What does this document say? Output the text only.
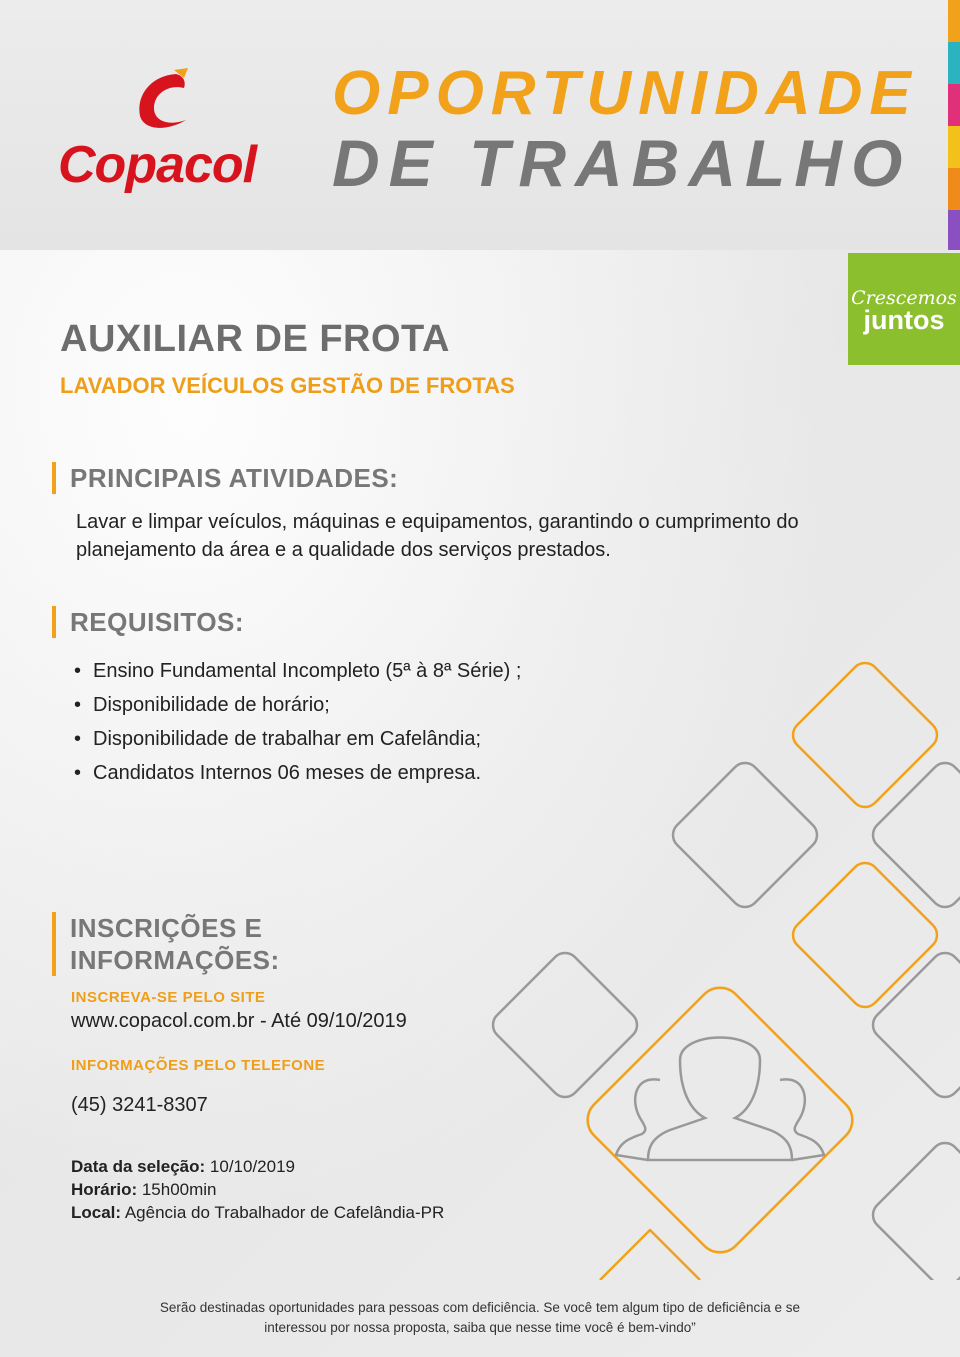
Copacol
OPORTUNIDADE
DE TRABALHO
Crescemos
juntos
AUXILIAR DE FROTA
LAVADOR VEÍCULOS GESTÃO DE FROTAS
PRINCIPAIS ATIVIDADES:
Lavar e limpar veículos, máquinas e equipamentos, garantindo o cumprimento do planejamento da área e a qualidade dos serviços prestados.
REQUISITOS:
• Ensino Fundamental Incompleto (5ª à 8ª Série) ;
• Disponibilidade de horário;
• Disponibilidade de trabalhar em Cafelândia;
• Candidatos Internos 06 meses de empresa.
INSCRIÇÕES E
INFORMAÇÕES:
INSCREVA-SE PELO SITE
www.copacol.com.br - Até 09/10/2019
INFORMAÇÕES PELO TELEFONE
(45) 3241-8307
Data da seleção: 10/10/2019
Horário: 15h00min
Local: Agência do Trabalhador de Cafelândia-PR
Serão destinadas oportunidades para pessoas com deficiência. Se você tem algum tipo de deficiência e se
interessou por nossa proposta, saiba que nesse time você é bem-vindo”
